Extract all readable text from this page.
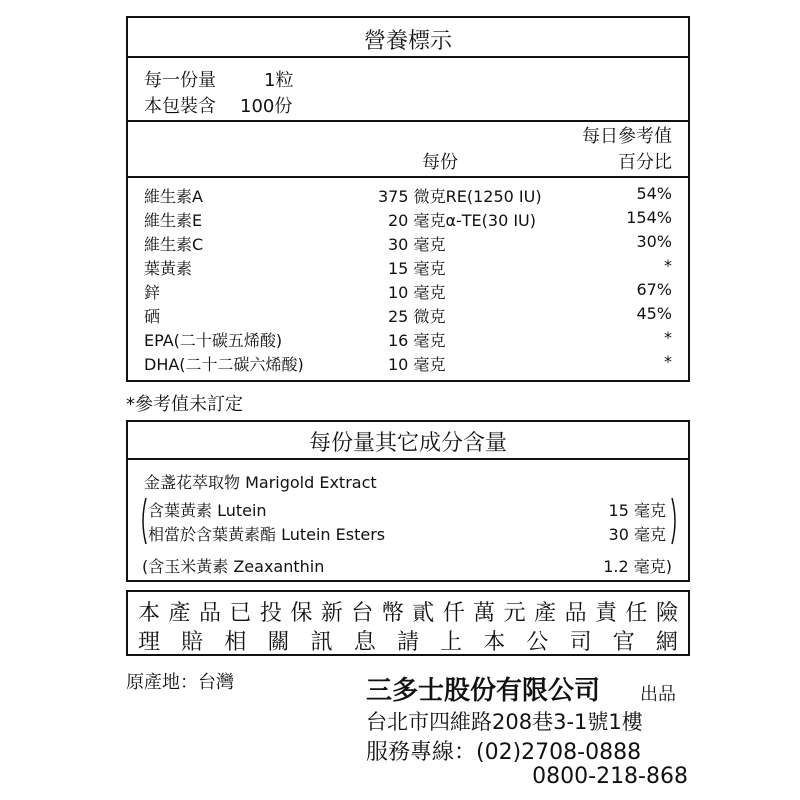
營養標示
每一份量	1粒
本包裝含 100份
每日參考值
每份	百分比
維生素A	375 微克RE(1250 IU)	54%
維生素E	20 毫克α-TE(30 IU)	154%
維生素C	30 毫克	30%
葉黃素	15 毫克	*
鋅	10 毫克	67%
硒	25 微克	45%
EPA(二十碳五烯酸)	16 毫克	*
DHA(二十二碳六烯酸)	10 毫克	*
*參考值未訂定
每份量其它成分含量
金盞花萃取物 Marigold Extract
含葉黃素 Lutein	15 毫克
相當於含葉黃素酯 Lutein Esters	30 毫克
(含玉米黃素 Zeaxanthin	1.2 毫克)
本 產 品 已 投 保 新 台 幣 貳 仟 萬 元 產 品 責 任 險
理 賠 相 關 訊 息 請 上 本 公 司 官 網
原產地：台灣	三多士股份有限公司 出品
台北市四維路208巷3-1號1樓
服務專線：(02)2708-0888
0800-218-868
